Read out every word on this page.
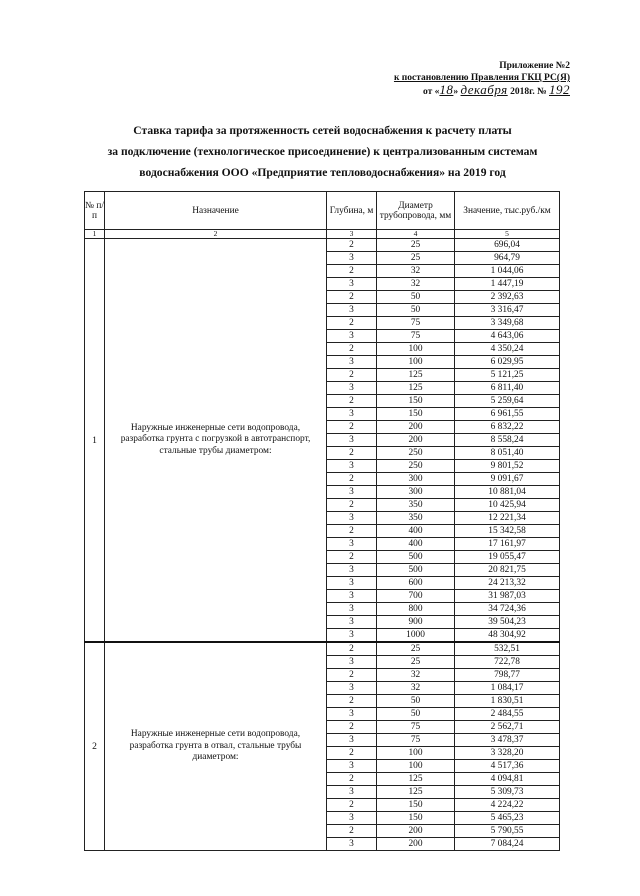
Приложение №2
к постановлению Правления ГКЦ РС(Я)
от «18» декабря 2018г. № 192
Ставка тарифа за протяженность сетей водоснабжения к расчету платы
за подключение (технологическое присоединение) к централизованным системам
водоснабжения ООО «Предприятие тепловодоснабжения» на 2019 год
№ п/п	Назначение	Глубина, м	Диаметр трубопровода, мм	Значение, тыс.руб./км
1	2	3	4	5
1	Наружные инженерные сети водопровода, разработка грунта с погрузкой в автотранспорт, стальные трубы диаметром:	2	25	696,04
		3	25	964,79
		2	32	1 044,06
		3	32	1 447,19
		2	50	2 392,63
		3	50	3 316,47
		2	75	3 349,68
		3	75	4 643,06
		2	100	4 350,24
		3	100	6 029,95
		2	125	5 121,25
		3	125	6 811,40
		2	150	5 259,64
		3	150	6 961,55
		2	200	6 832,22
		3	200	8 558,24
		2	250	8 051,40
		3	250	9 801,52
		2	300	9 091,67
		3	300	10 881,04
		2	350	10 425,94
		3	350	12 221,34
		2	400	15 342,58
		3	400	17 161,97
		2	500	19 055,47
		3	500	20 821,75
		3	600	24 213,32
		3	700	31 987,03
		3	800	34 724,36
		3	900	39 504,23
		3	1000	48 304,92
2	Наружные инженерные сети водопровода, разработка грунта в отвал, стальные трубы диаметром:	2	25	532,51
		3	25	722,78
		2	32	798,77
		3	32	1 084,17
		2	50	1 830,51
		3	50	2 484,55
		2	75	2 562,71
		3	75	3 478,37
		2	100	3 328,20
		3	100	4 517,36
		2	125	4 094,81
		3	125	5 309,73
		2	150	4 224,22
		3	150	5 465,23
		2	200	5 790,55
		3	200	7 084,24
